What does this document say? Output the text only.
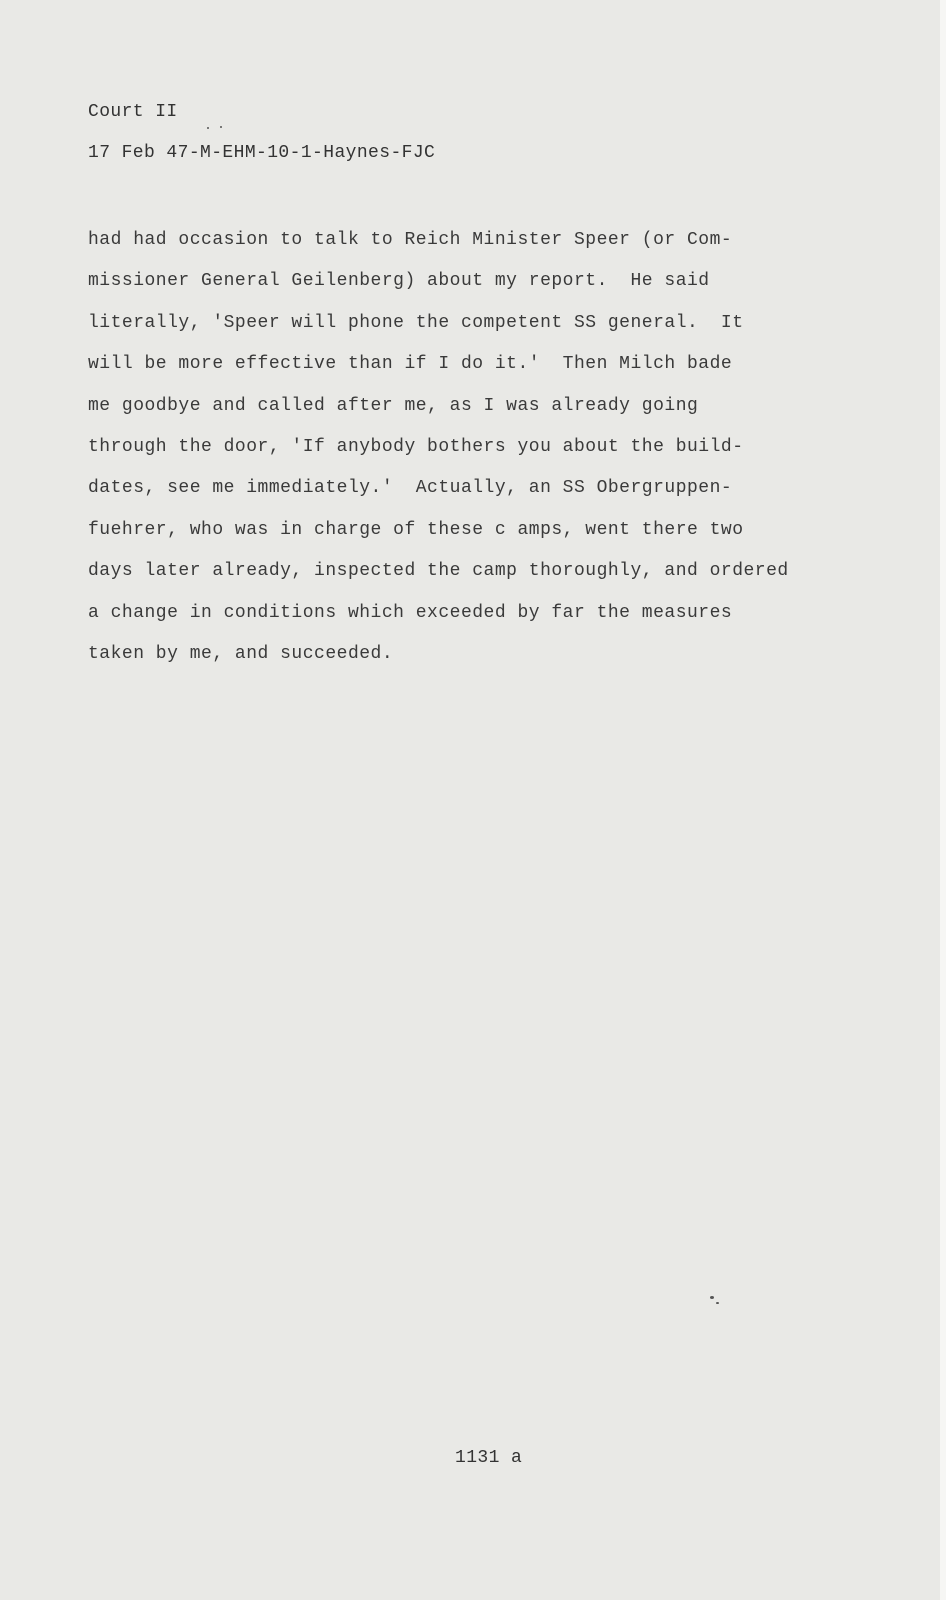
Court II
17 Feb 47-M-EHM-10-1-Haynes-FJC
had had occasion to talk to Reich Minister Speer (or Com-
missioner General Geilenberg) about my report.  He said
literally, 'Speer will phone the competent SS general.  It
will be more effective than if I do it.'  Then Milch bade
me goodbye and called after me, as I was already going
through the door, 'If anybody bothers you about the build-
dates, see me immediately.'  Actually, an SS Obergruppen-
fuehrer, who was in charge of these c amps, went there two
days later already, inspected the camp thoroughly, and ordered
a change in conditions which exceeded by far the measures
taken by me, and succeeded.
1131 a
